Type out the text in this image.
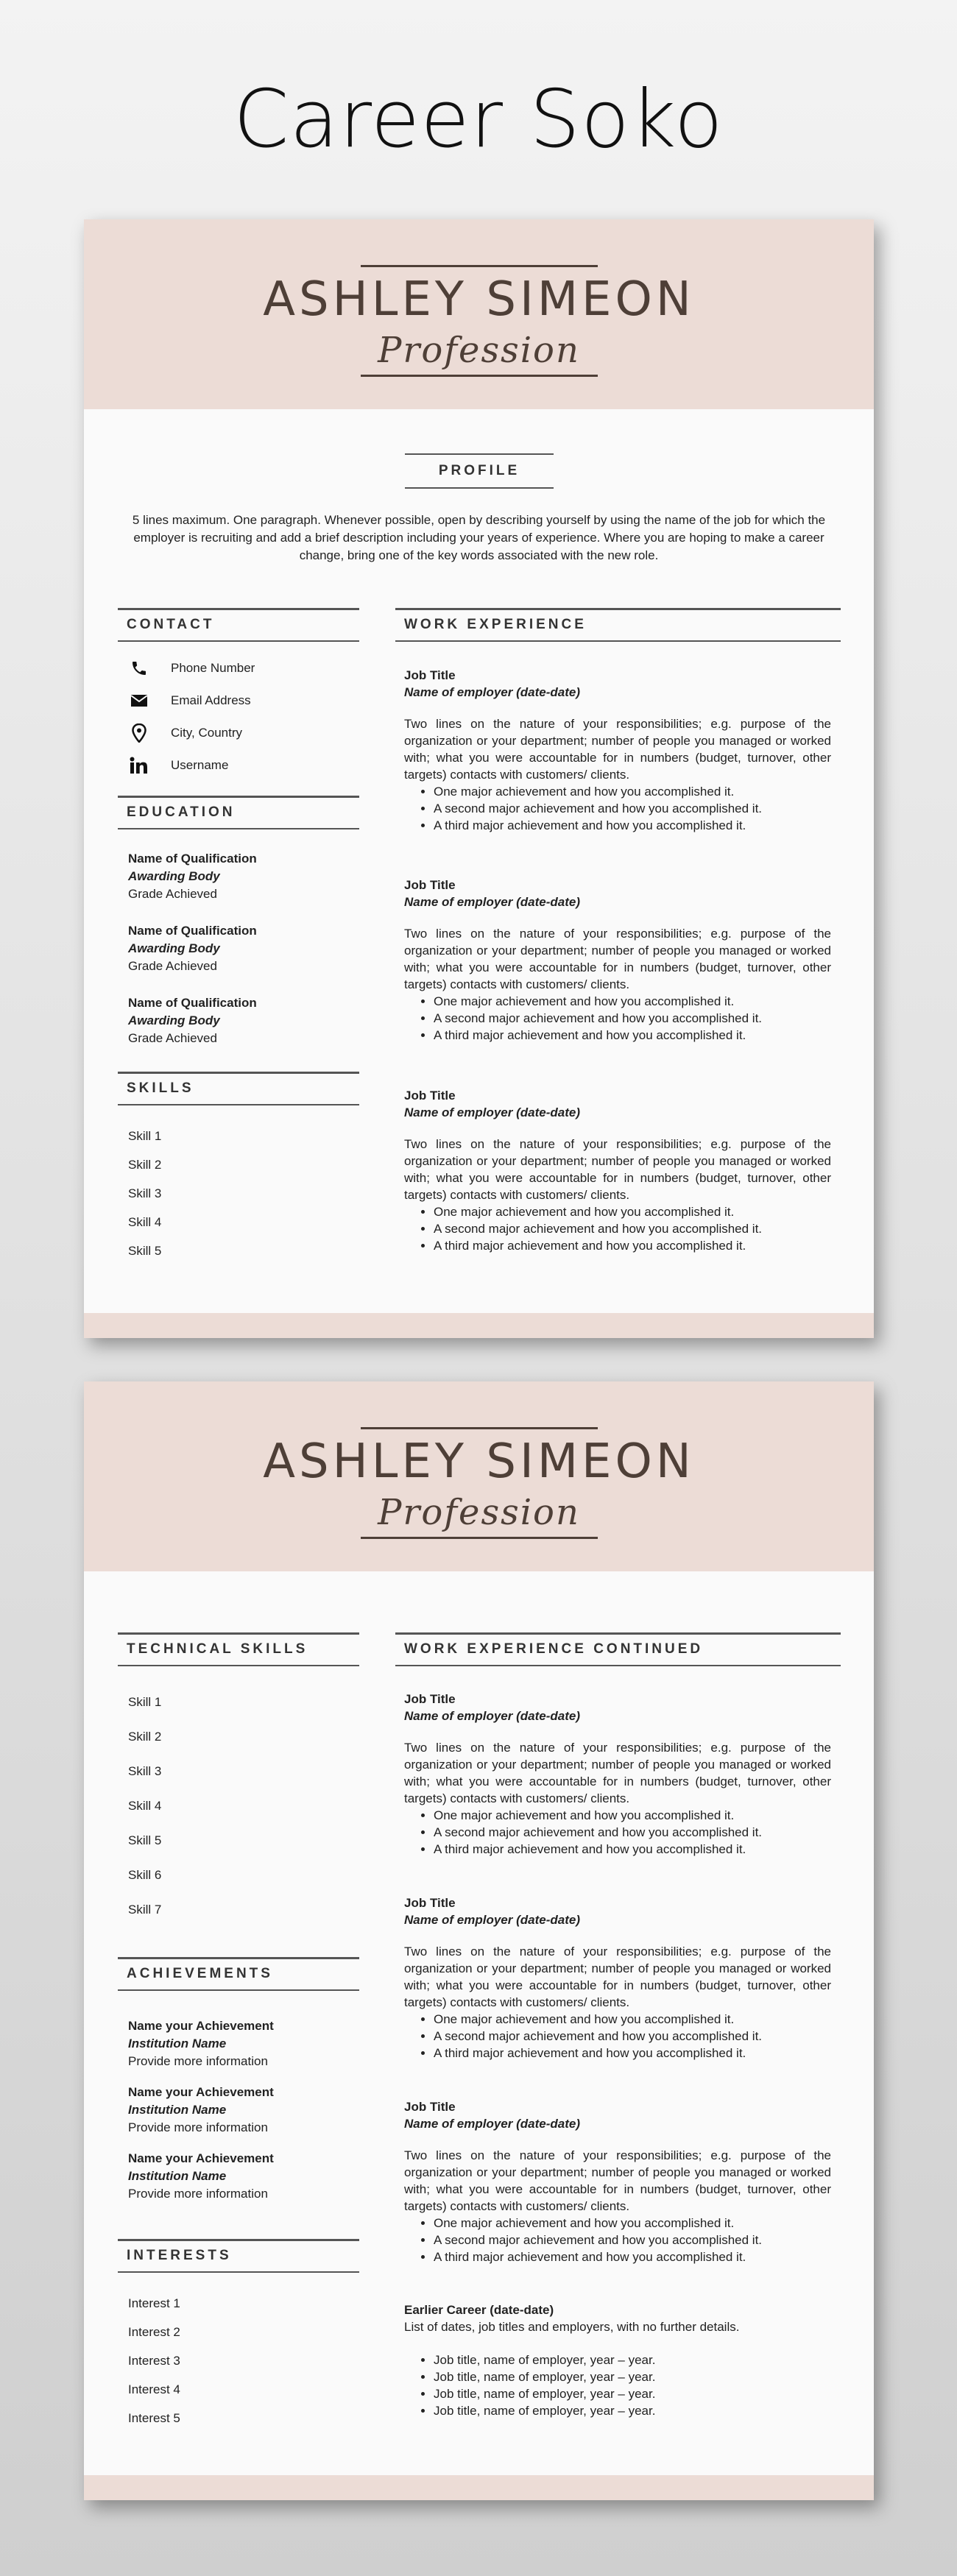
Career Soko
ASHLEY SIMEON
Profession
PROFILE
5 lines maximum. One paragraph. Whenever possible, open by describing yourself by using the name of the job for which the employer is recruiting and add a brief description including your years of experience. Where you are hoping to make a career change, bring one of the key words associated with the new role.
CONTACT
Phone Number
Email Address
City, Country
Username
EDUCATION
Name of Qualification
Awarding Body
Grade Achieved
Name of Qualification
Awarding Body
Grade Achieved
Name of Qualification
Awarding Body
Grade Achieved
SKILLS
Skill 1
Skill 2
Skill 3
Skill 4
Skill 5
WORK EXPERIENCE
Job Title
Name of employer (date-date)
Two lines on the nature of your responsibilities; e.g. purpose of the organization or your department; number of people you managed or worked with; what you were accountable for in numbers (budget, turnover, other targets) contacts with customers/ clients.
• One major achievement and how you accomplished it.
• A second major achievement and how you accomplished it.
• A third major achievement and how you accomplished it.
Job Title
Name of employer (date-date)
Two lines on the nature of your responsibilities; e.g. purpose of the organization or your department; number of people you managed or worked with; what you were accountable for in numbers (budget, turnover, other targets) contacts with customers/ clients.
• One major achievement and how you accomplished it.
• A second major achievement and how you accomplished it.
• A third major achievement and how you accomplished it.
Job Title
Name of employer (date-date)
Two lines on the nature of your responsibilities; e.g. purpose of the organization or your department; number of people you managed or worked with; what you were accountable for in numbers (budget, turnover, other targets) contacts with customers/ clients.
• One major achievement and how you accomplished it.
• A second major achievement and how you accomplished it.
• A third major achievement and how you accomplished it.
ASHLEY SIMEON
Profession
TECHNICAL SKILLS
Skill 1
Skill 2
Skill 3
Skill 4
Skill 5
Skill 6
Skill 7
ACHIEVEMENTS
Name your Achievement
Institution Name
Provide more information
Name your Achievement
Institution Name
Provide more information
Name your Achievement
Institution Name
Provide more information
INTERESTS
Interest 1
Interest 2
Interest 3
Interest 4
Interest 5
WORK EXPERIENCE CONTINUED
Job Title
Name of employer (date-date)
Two lines on the nature of your responsibilities; e.g. purpose of the organization or your department; number of people you managed or worked with; what you were accountable for in numbers (budget, turnover, other targets) contacts with customers/ clients.
• One major achievement and how you accomplished it.
• A second major achievement and how you accomplished it.
• A third major achievement and how you accomplished it.
Job Title
Name of employer (date-date)
Two lines on the nature of your responsibilities; e.g. purpose of the organization or your department; number of people you managed or worked with; what you were accountable for in numbers (budget, turnover, other targets) contacts with customers/ clients.
• One major achievement and how you accomplished it.
• A second major achievement and how you accomplished it.
• A third major achievement and how you accomplished it.
Job Title
Name of employer (date-date)
Two lines on the nature of your responsibilities; e.g. purpose of the organization or your department; number of people you managed or worked with; what you were accountable for in numbers (budget, turnover, other targets) contacts with customers/ clients.
• One major achievement and how you accomplished it.
• A second major achievement and how you accomplished it.
• A third major achievement and how you accomplished it.
Earlier Career (date-date)
List of dates, job titles and employers, with no further details.
• Job title, name of employer, year – year.
• Job title, name of employer, year – year.
• Job title, name of employer, year – year.
• Job title, name of employer, year – year.
